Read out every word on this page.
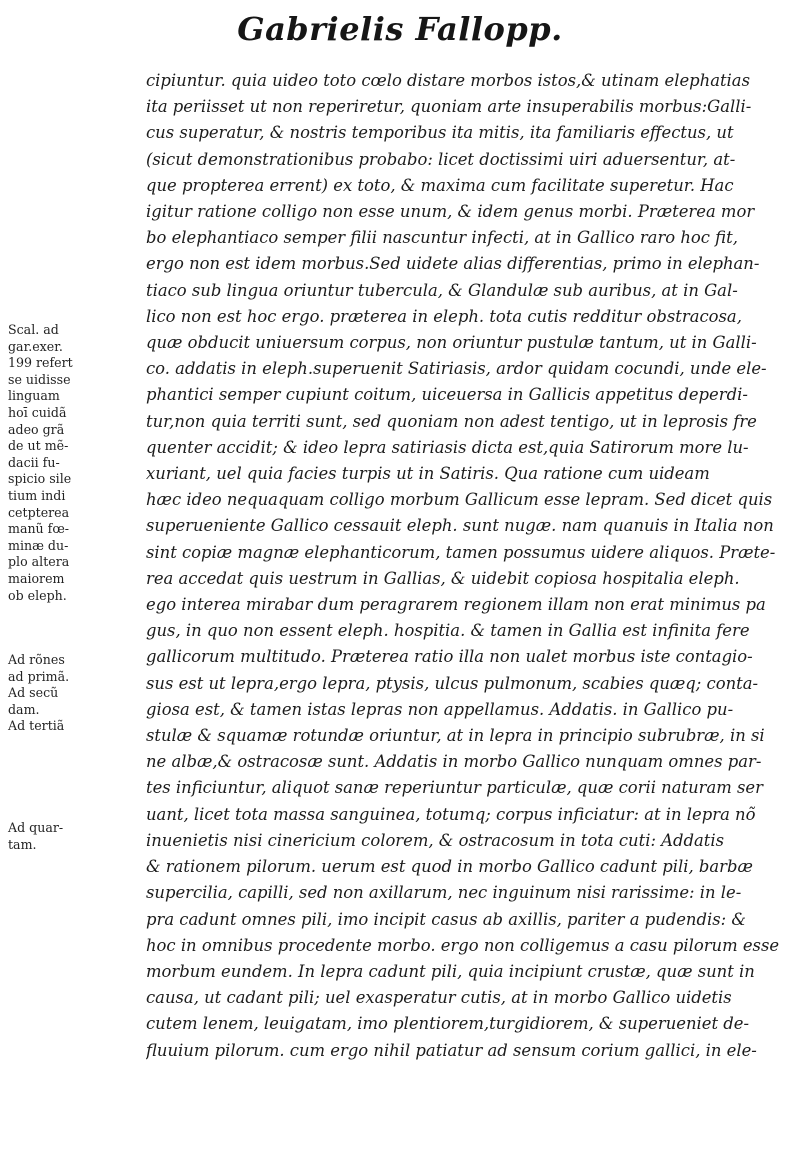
Gabrielis Fallopp.
Scal. ad
gar.exer.
199 refert
se uidisse
linguam
hoī cuidã
adeo grã
de ut mẽ-
dacii fu-
spicio sile
tium indi
cetpterea
manũ fœ-
minæ du-
plo altera
maiorem
ob eleph.
Ad rõnes
ad primã.
Ad secũ
dam.
Ad tertiã
Ad quar-
tam.
cipiuntur. quia uideo toto cœlo distare morbos istos,& utinam elephatias
ita periisset ut non reperiretur, quoniam arte insuperabilis morbus:Galli-
cus superatur, & nostris temporibus ita mitis, ita familiaris effectus, ut
(sicut demonstrationibus probabo: licet doctissimi uiri aduersentur, at-
que propterea errent) ex toto, & maxima cum facilitate superetur. Hac
igitur ratione colligo non esse unum, & idem genus morbi. Præterea mor
bo elephantiaco semper filii nascuntur infecti, at in Gallico raro hoc fit,
ergo non est idem morbus.Sed uidete alias differentias, primo in elephan-
tiaco sub lingua oriuntur tubercula, & Glandulæ sub auribus, at in Gal-
lico non est hoc ergo. præterea in eleph. tota cutis redditur obstracosa,
quæ obducit uniuersum corpus, non oriuntur pustulæ tantum, ut in Galli-
co. addatis in eleph.superuenit Satiriasis, ardor quidam cocundi, unde ele-
phantici semper cupiunt coitum, uiceuersa in Gallicis appetitus deperdi-
tur,non quia territi sunt, sed quoniam non adest tentigo, ut in leprosis fre
quenter accidit; & ideo lepra satiriasis dicta est,quia Satirorum more lu-
xuriant, uel quia facies turpis ut in Satiris. Qua ratione cum uideam
hæc ideo nequaquam colligo morbum Gallicum esse lepram. Sed dicet quis
superueniente Gallico cessauit eleph. sunt nugæ. nam quanuis in Italia non
sint copiæ magnæ elephanticorum, tamen possumus uidere aliquos. Præte-
rea accedat quis uestrum in Gallias, & uidebit copiosa hospitalia eleph.
ego interea mirabar dum peragrarem regionem illam non erat minimus pa
gus, in quo non essent eleph. hospitia. & tamen in Gallia est infinita fere
gallicorum multitudo. Præterea ratio illa non ualet morbus iste contagio-
sus est ut lepra,ergo lepra, ptysis, ulcus pulmonum, scabies quæq; conta-
giosa est, & tamen istas lepras non appellamus. Addatis. in Gallico pu-
stulæ & squamæ rotundæ oriuntur, at in lepra in principio subrubræ, in si
ne albæ,& ostracosæ sunt. Addatis in morbo Gallico nunquam omnes par-
tes inficiuntur, aliquot sanæ reperiuntur particulæ, quæ corii naturam ser
uant, licet tota massa sanguinea, totumq; corpus inficiatur: at in lepra nõ
inuenietis nisi cinericium colorem, & ostracosum in tota cuti: Addatis
& rationem pilorum. uerum est quod in morbo Gallico cadunt pili, barbæ
supercilia, capilli, sed non axillarum, nec inguinum nisi rarissime: in le-
pra cadunt omnes pili, imo incipit casus ab axillis, pariter a pudendis: &
hoc in omnibus procedente morbo. ergo non colligemus a casu pilorum esse
morbum eundem. In lepra cadunt pili, quia incipiunt crustæ, quæ sunt in
causa, ut cadant pili; uel exasperatur cutis, at in morbo Gallico uidetis
cutem lenem, leuigatam, imo plentiorem,turgidiorem, & superueniet de-
fluuium pilorum. cum ergo nihil patiatur ad sensum corium gallici, in ele-
